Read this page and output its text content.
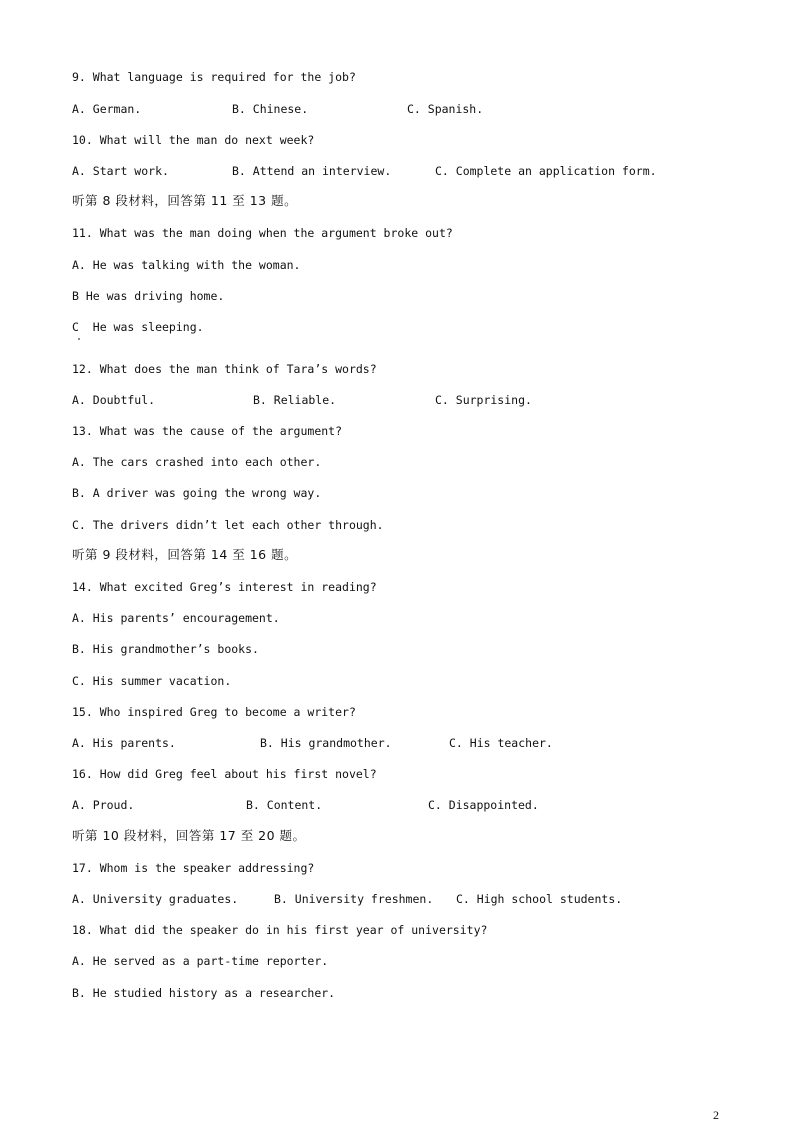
9. What language is required for the job?
A. German.	B. Chinese.	C. Spanish.
10. What will the man do next week?
A. Start work.	B. Attend an interview.	C. Complete an application form.
听第 8 段材料，回答第 11 至 13 题。
11. What was the man doing when the argument broke out?
A. He was talking with the woman.
B He was driving home.
C  He was sleeping.
12. What does the man think of Tara’s words?
A. Doubtful.	B. Reliable.	C. Surprising.
13. What was the cause of the argument?
A. The cars crashed into each other.
B. A driver was going the wrong way.
C. The drivers didn’t let each other through.
听第 9 段材料，回答第 14 至 16 题。
14. What excited Greg’s interest in reading?
A. His parents’ encouragement.
B. His grandmother’s books.
C. His summer vacation.
15. Who inspired Greg to become a writer?
A. His parents.	B. His grandmother.	C. His teacher.
16. How did Greg feel about his first novel?
A. Proud.	B. Content.	C. Disappointed.
听第 10 段材料，回答第 17 至 20 题。
17. Whom is the speaker addressing?
A. University graduates.	B. University freshmen. C. High school students.
18. What did the speaker do in his first year of university?
A. He served as a part-time reporter.
B. He studied history as a researcher.
2
